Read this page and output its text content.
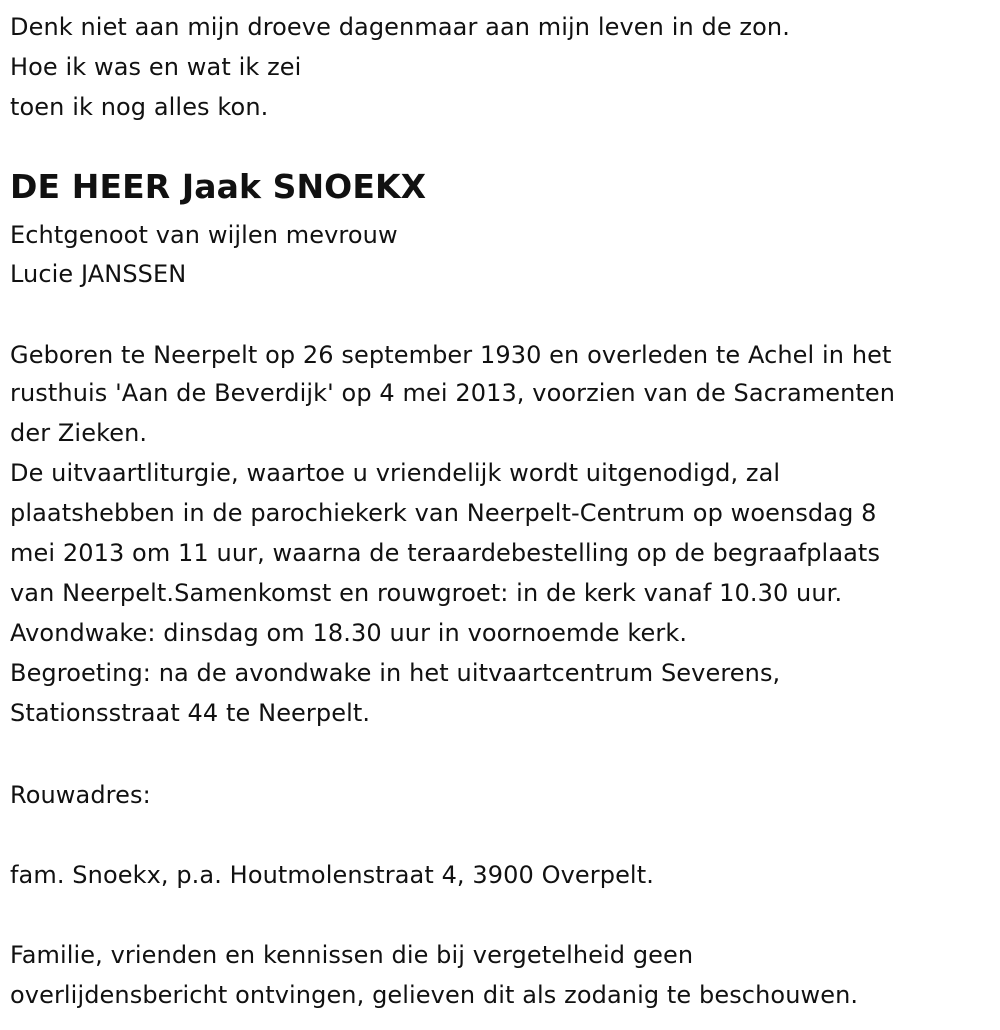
Denk niet aan mijn droeve dagenmaar aan mijn leven in de zon.
Hoe ik was en wat ik zei
toen ik nog alles kon.
DE HEER Jaak SNOEKX
Echtgenoot van wijlen mevrouw
Lucie JANSSEN
Geboren te Neerpelt op 26 september 1930 en overleden te Achel in het
rusthuis 'Aan de Beverdijk' op 4 mei 2013, voorzien van de Sacramenten
der Zieken.
De uitvaartliturgie, waartoe u vriendelijk wordt uitgenodigd, zal
plaatshebben in de parochiekerk van Neerpelt-Centrum op woensdag 8
mei 2013 om 11 uur, waarna de teraardebestelling op de begraafplaats
van Neerpelt.Samenkomst en rouwgroet: in de kerk vanaf 10.30 uur.
Avondwake: dinsdag om 18.30 uur in voornoemde kerk.
Begroeting: na de avondwake in het uitvaartcentrum Severens,
Stationsstraat 44 te Neerpelt.
Rouwadres:
fam. Snoekx, p.a. Houtmolenstraat 4, 3900 Overpelt.
Familie, vrienden en kennissen die bij vergetelheid geen
overlijdensbericht ontvingen, gelieven dit als zodanig te beschouwen.
